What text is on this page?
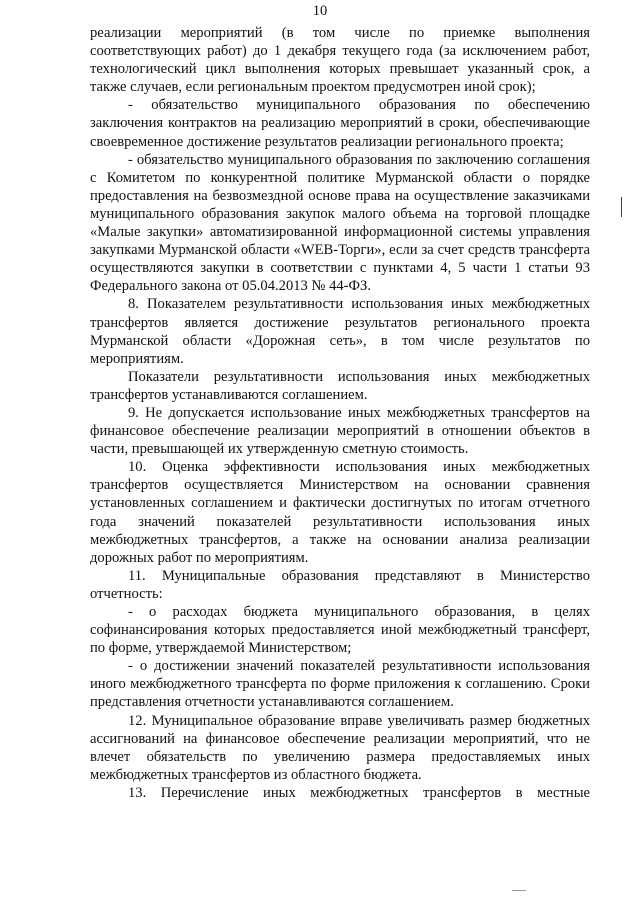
10

реализации мероприятий (в том числе по приемке выполнения соответствующих работ) до 1 декабря текущего года (за исключением работ, технологический цикл выполнения которых превышает указанный срок, а также случаев, если региональным проектом предусмотрен иной срок);

- обязательство муниципального образования по обеспечению заключения контрактов на реализацию мероприятий в сроки, обеспечивающие своевременное достижение результатов реализации регионального проекта;

- обязательство муниципального образования по заключению соглашения с Комитетом по конкурентной политике Мурманской области о порядке предоставления на безвозмездной основе права на осуществление заказчиками муниципального образования закупок малого объема на торговой площадке «Малые закупки» автоматизированной информационной системы управления закупками Мурманской области «WEB-Торги», если за счет средств трансферта осуществляются закупки в соответствии с пунктами 4, 5 части 1 статьи 93 Федерального закона от 05.04.2013 № 44-ФЗ.

8. Показателем результативности использования иных межбюджетных трансфертов является достижение результатов регионального проекта Мурманской области «Дорожная сеть», в том числе результатов по мероприятиям.

Показатели результативности использования иных межбюджетных трансфертов устанавливаются соглашением.

9. Не допускается использование иных межбюджетных трансфертов на финансовое обеспечение реализации мероприятий в отношении объектов в части, превышающей их утвержденную сметную стоимость.

10. Оценка эффективности использования иных межбюджетных трансфертов осуществляется Министерством на основании сравнения установленных соглашением и фактически достигнутых по итогам отчетного года значений показателей результативности использования иных межбюджетных трансфертов, а также на основании анализа реализации дорожных работ по мероприятиям.

11. Муниципальные образования представляют в Министерство отчетность:

- о расходах бюджета муниципального образования, в целях софинансирования которых предоставляется иной межбюджетный трансферт, по форме, утверждаемой Министерством;

- о достижении значений показателей результативности использования иного межбюджетного трансферта по форме приложения к соглашению. Сроки представления отчетности устанавливаются соглашением.

12. Муниципальное образование вправе увеличивать размер бюджетных ассигнований на финансовое обеспечение реализации мероприятий, что не влечет обязательств по увеличению размера предоставляемых иных межбюджетных трансфертов из областного бюджета.

13. Перечисление иных межбюджетных трансфертов в местные
